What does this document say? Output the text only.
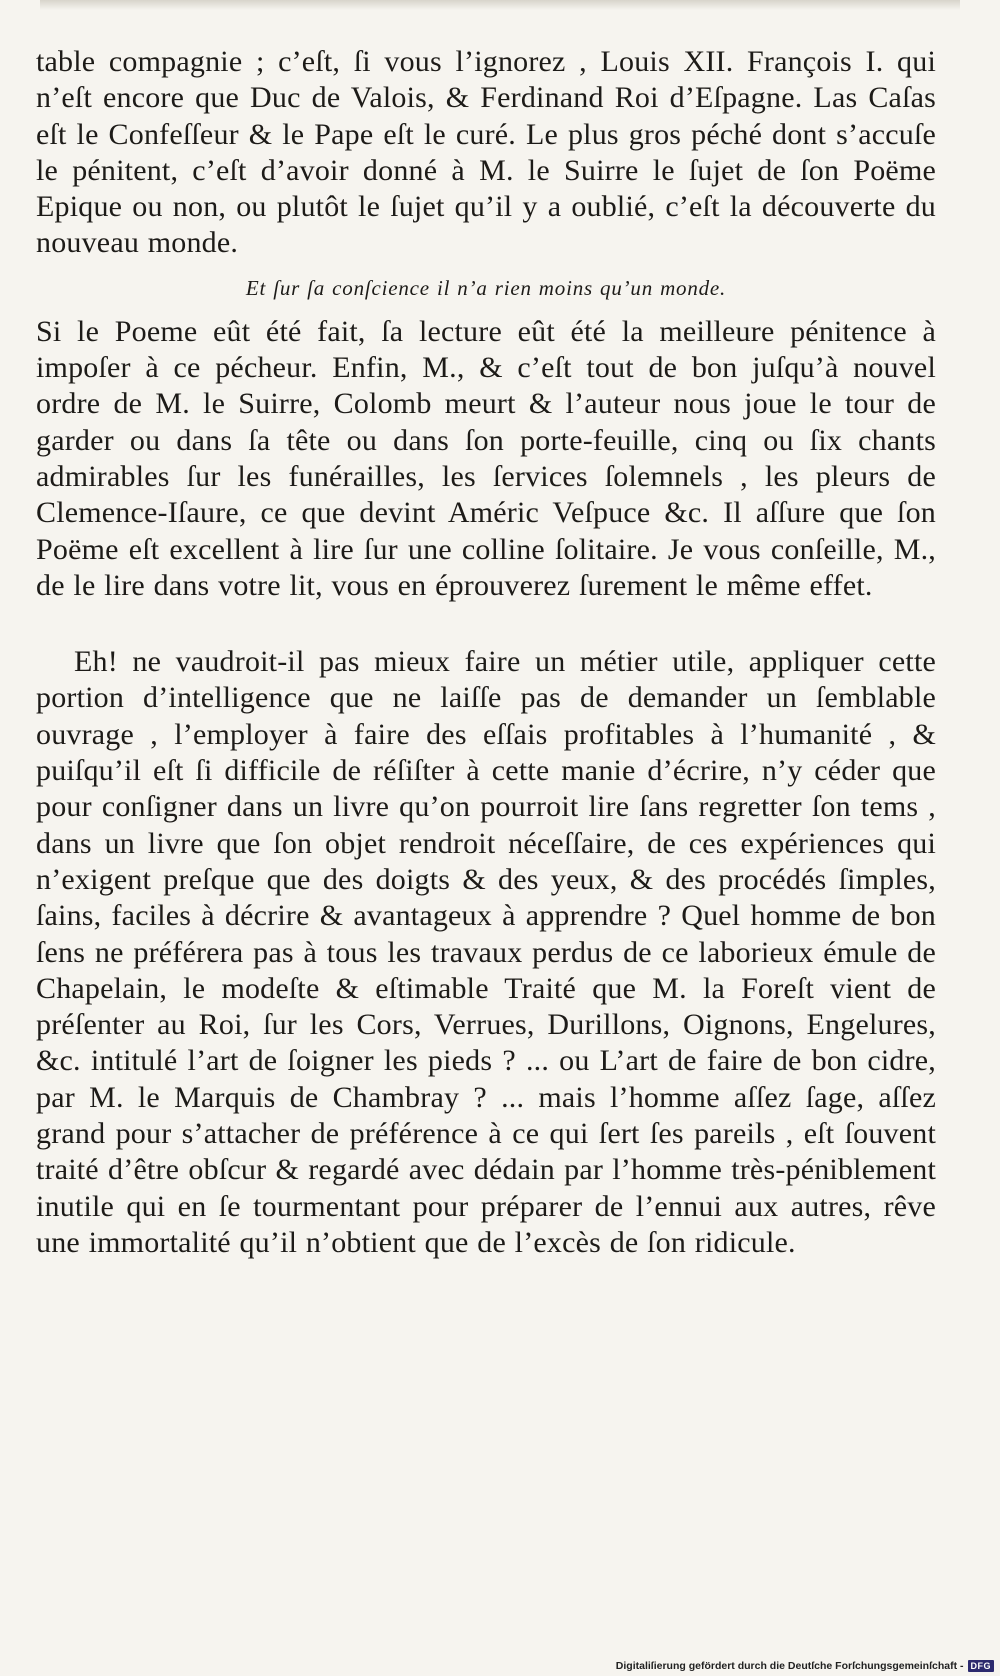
table compagnie ; c’eſt, ſi vous l’ignorez , Louis XII. François I. qui n’eſt encore que Duc de Valois, & Ferdinand Roi d’Eſpagne. Las Caſas eſt le Confeſſeur & le Pape eſt le curé. Le plus gros péché dont s’accuſe le pénitent, c’eſt d’avoir donné à M. le Suirre le ſujet de ſon Poëme Epique ou non, ou plutôt le ſujet qu’il y a oublié, c’eſt la découverte du nouveau monde.

Et ſur ſa conſcience il n’a rien moins qu’un monde.

Si le Poeme eût été fait, ſa lecture eût été la meilleure pénitence à impoſer à ce pécheur. Enfin, M., & c’eſt tout de bon juſqu’à nouvel ordre de M. le Suirre, Colomb meurt & l’auteur nous joue le tour de garder ou dans ſa tête ou dans ſon porte-feuille, cinq ou ſix chants admirables ſur les funérailles, les ſervices ſolemnels , les pleurs de Clemence-Iſaure, ce que devint Améric Veſpuce &c. Il aſſure que ſon Poëme eſt excellent à lire ſur une colline ſolitaire. Je vous conſeille, M., de le lire dans votre lit, vous en éprouverez ſurement le même effet.

Eh! ne vaudroit-il pas mieux faire un métier utile, appliquer cette portion d’intelligence que ne laiſſe pas de demander un ſemblable ouvrage , l’employer à faire des eſſais profitables à l’humanité , & puiſqu’il eſt ſi difficile de réſiſter à cette manie d’écrire, n’y céder que pour conſigner dans un livre qu’on pourroit lire ſans regretter ſon tems , dans un livre que ſon objet rendroit néceſſaire, de ces expériences qui n’exigent preſque que des doigts & des yeux, & des procédés ſimples, ſains, faciles à décrire & avantageux à apprendre ? Quel homme de bon ſens ne préférera pas à tous les travaux perdus de ce laborieux émule de Chapelain, le modeſte & eſtimable Traité que M. la Foreſt vient de préſenter au Roi, ſur les Cors, Verrues, Durillons, Oignons, Engelures, &c. intitulé l’art de ſoigner les pieds ? ... ou L’art de faire de bon cidre, par M. le Marquis de Chambray ? ... mais l’homme aſſez ſage, aſſez grand pour s’attacher de préférence à ce qui ſert ſes pareils , eſt ſouvent traité d’être obſcur & regardé avec dédain par l’homme très-péniblement inutile qui en ſe tourmentant pour préparer de l’ennui aux autres, rêve une immortalité qu’il n’obtient que de l’excès de ſon ridicule.

Digitaliſierung gefördert durch die Deutſche Forſchungsgemeinſchaft - DFG
